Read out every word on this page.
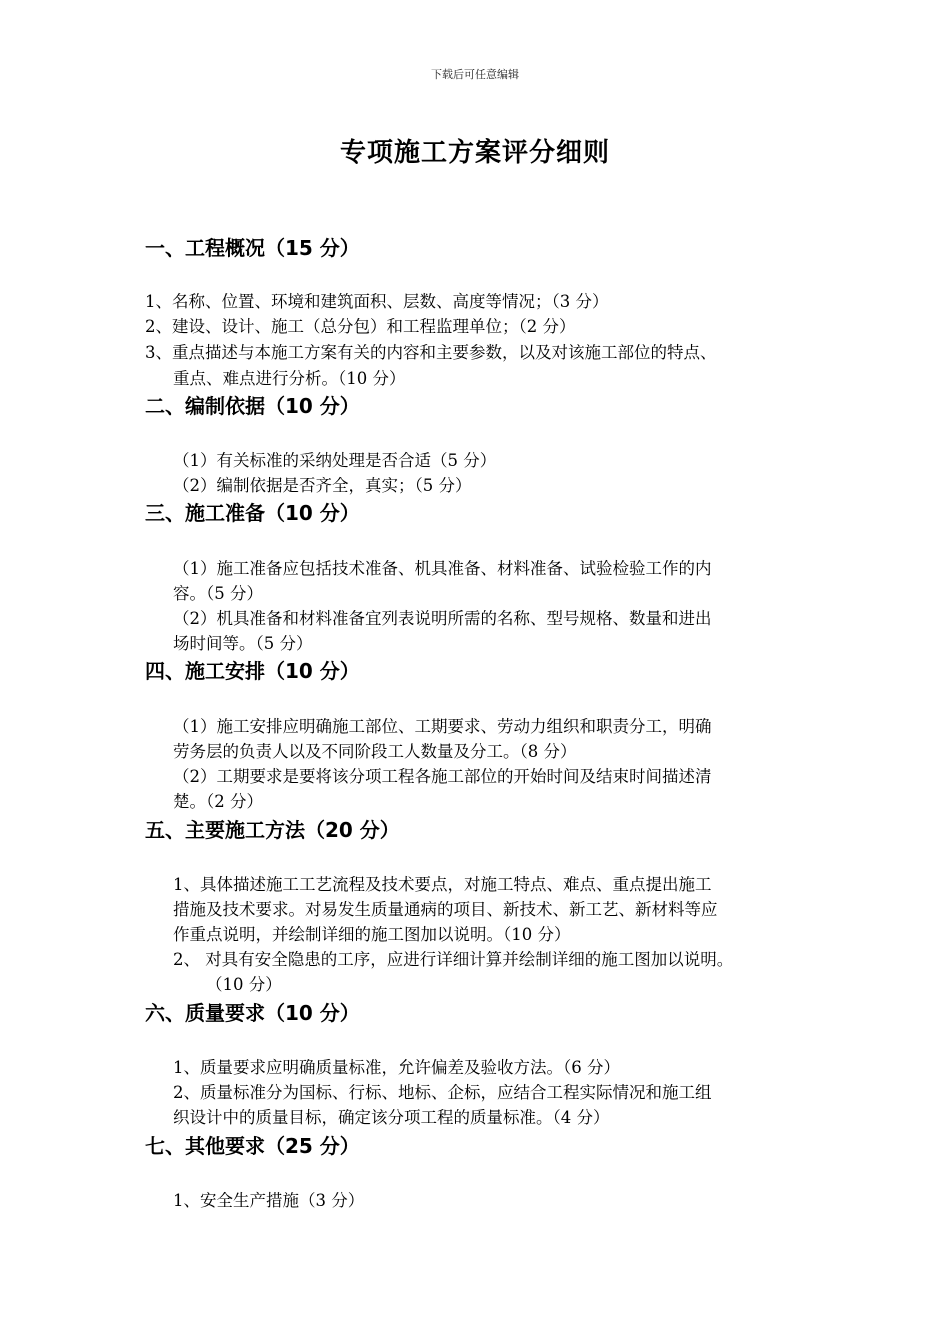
下载后可任意编辑
专项施工方案评分细则
一、工程概况（15 分）
1、名称、位置、环境和建筑面积、层数、高度等情况；（3 分）
2、建设、设计、施工（总分包）和工程监理单位；（2 分）
3、重点描述与本施工方案有关的内容和主要参数，以及对该施工部位的特点、
重点、难点进行分析。（10 分）
二、编制依据（10 分）
（1）有关标准的采纳处理是否合适（5 分）
（2）编制依据是否齐全，真实；（5 分）
三、施工准备（10 分）
（1）施工准备应包括技术准备、机具准备、材料准备、试验检验工作的内
容。（5 分）
（2）机具准备和材料准备宜列表说明所需的名称、型号规格、数量和进出
场时间等。（5 分）
四、施工安排（10 分）
（1）施工安排应明确施工部位、工期要求、劳动力组织和职责分工，明确
劳务层的负责人以及不同阶段工人数量及分工。（8 分）
（2）工期要求是要将该分项工程各施工部位的开始时间及结束时间描述清
楚。（2 分）
五、主要施工方法（20 分）
1、具体描述施工工艺流程及技术要点，对施工特点、难点、重点提出施工
措施及技术要求。对易发生质量通病的项目、新技术、新工艺、新材料等应
作重点说明，并绘制详细的施工图加以说明。（10 分）
2、 对具有安全隐患的工序，应进行详细计算并绘制详细的施工图加以说明。
（10 分）
六、质量要求（10 分）
1、质量要求应明确质量标准，允许偏差及验收方法。（6 分）
2、质量标准分为国标、行标、地标、企标，应结合工程实际情况和施工组
织设计中的质量目标，确定该分项工程的质量标准。（4 分）
七、其他要求（25 分）
1、安全生产措施（3 分）
